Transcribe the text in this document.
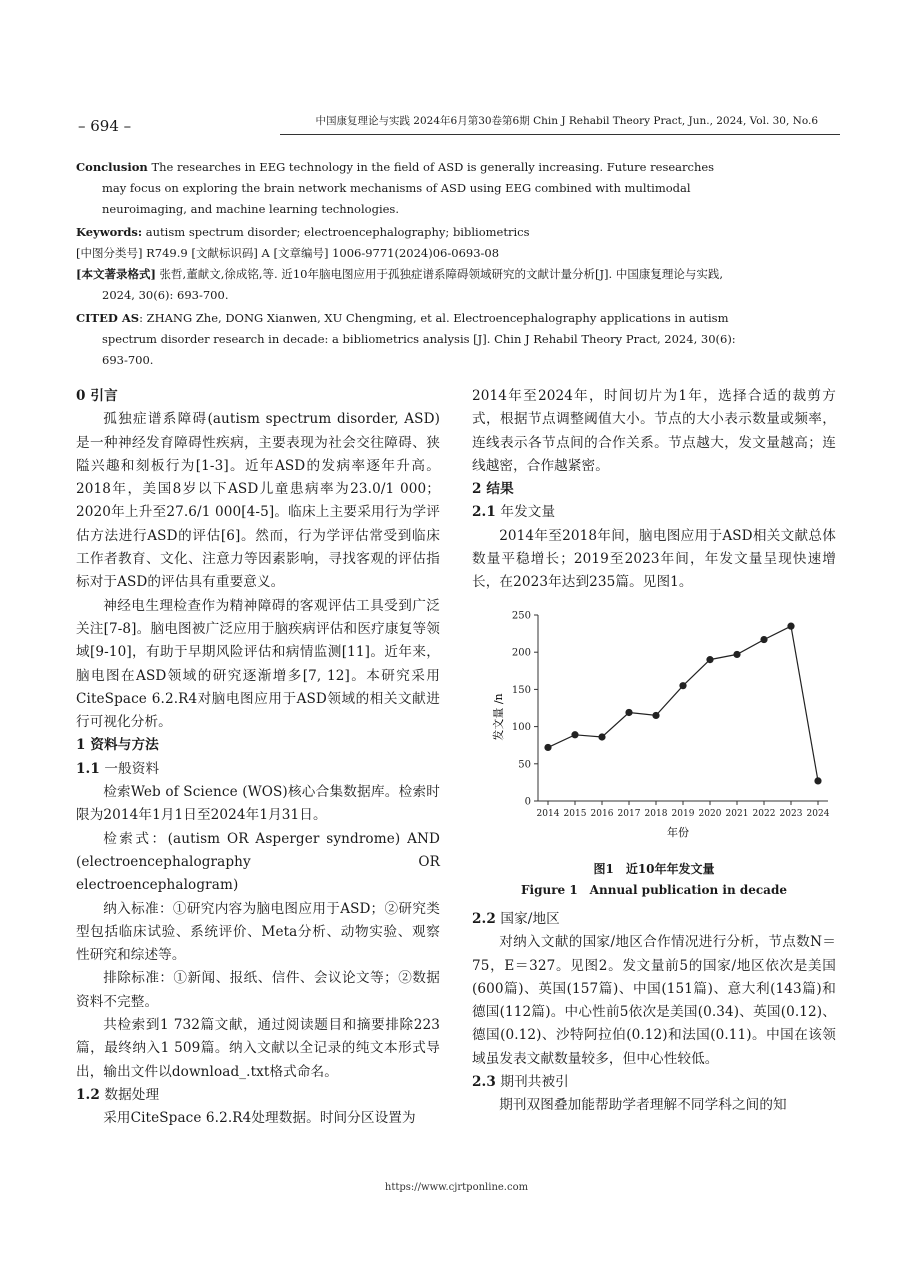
– 694 –	中国康复理论与实践 2024年6月第30卷第6期 Chin J Rehabil Theory Pract, Jun., 2024, Vol. 30, No.6

Conclusion The researches in EEG technology in the field of ASD is generally increasing. Future researches may focus on exploring the brain network mechanisms of ASD using EEG combined with multimodal neuroimaging, and machine learning technologies.

Keywords: autism spectrum disorder; electroencephalography; bibliometrics

[中图分类号] R749.9 [文献标识码] A [文章编号] 1006-9771(2024)06-0693-08

[本文著录格式] 张哲,董献文,徐成铭,等. 近10年脑电图应用于孤独症谱系障碍领域研究的文献计量分析[J]. 中国康复理论与实践, 2024, 30(6): 693-700.

CITED AS: ZHANG Zhe, DONG Xianwen, XU Chengming, et al. Electroencephalography applications in autism spectrum disorder research in decade: a bibliometrics analysis [J]. Chin J Rehabil Theory Pract, 2024, 30(6): 693-700.

0 引言

孤独症谱系障碍(autism spectrum disorder, ASD)是一种神经发育障碍性疾病，主要表现为社会交往障碍、狭隘兴趣和刻板行为[1-3]。近年ASD的发病率逐年升高。2018年，美国8岁以下ASD儿童患病率为23.0/1 000；2020年上升至27.6/1 000[4-5]。临床上主要采用行为学评估方法进行ASD的评估[6]。然而，行为学评估常受到临床工作者教育、文化、注意力等因素影响，寻找客观的评估指标对于ASD的评估具有重要意义。

神经电生理检查作为精神障碍的客观评估工具受到广泛关注[7-8]。脑电图被广泛应用于脑疾病评估和医疗康复等领域[9-10]，有助于早期风险评估和病情监测[11]。近年来，脑电图在ASD领域的研究逐渐增多[7, 12]。本研究采用CiteSpace 6.2.R4对脑电图应用于ASD领域的相关文献进行可视化分析。

1 资料与方法

1.1 一般资料

检索Web of Science (WOS)核心合集数据库。检索时限为2014年1月1日至2024年1月31日。

检索式：(autism OR Asperger syndrome) AND (electroencephalography OR electroencephalogram)

纳入标准：①研究内容为脑电图应用于ASD；②研究类型包括临床试验、系统评价、Meta分析、动物实验、观察性研究和综述等。

排除标准：①新闻、报纸、信件、会议论文等；②数据资料不完整。

共检索到1 732篇文献，通过阅读题目和摘要排除223篇，最终纳入1 509篇。纳入文献以全记录的纯文本形式导出，输出文件以download_.txt格式命名。

1.2 数据处理

采用CiteSpace 6.2.R4处理数据。时间分区设置为

2014年至2024年，时间切片为1年，选择合适的裁剪方式，根据节点调整阈值大小。节点的大小表示数量或频率，连线表示各节点间的合作关系。节点越大，发文量越高；连线越密，合作越紧密。

2 结果

2.1 年发文量

2014年至2018年间，脑电图应用于ASD相关文献总体数量平稳增长；2019至2023年间，年发文量呈现快速增长，在2023年达到235篇。见图1。

0
50
100
150
200
250
2014 2015 2016 2017 2018 2019 2020 2021 2022 2023 2024
发文量 /n
年份
图1　近10年年发文量
Figure 1　Annual publication in decade

2.2 国家/地区

对纳入文献的国家/地区合作情况进行分析，节点数N＝75，E＝327。见图2。发文量前5的国家/地区依次是美国(600篇)、英国(157篇)、中国(151篇)、意大利(143篇)和德国(112篇)。中心性前5依次是美国(0.34)、英国(0.12)、德国(0.12)、沙特阿拉伯(0.12)和法国(0.11)。中国在该领域虽发表文献数量较多，但中心性较低。

2.3 期刊共被引

期刊双图叠加能帮助学者理解不同学科之间的知

https://www.cjrtponline.com
